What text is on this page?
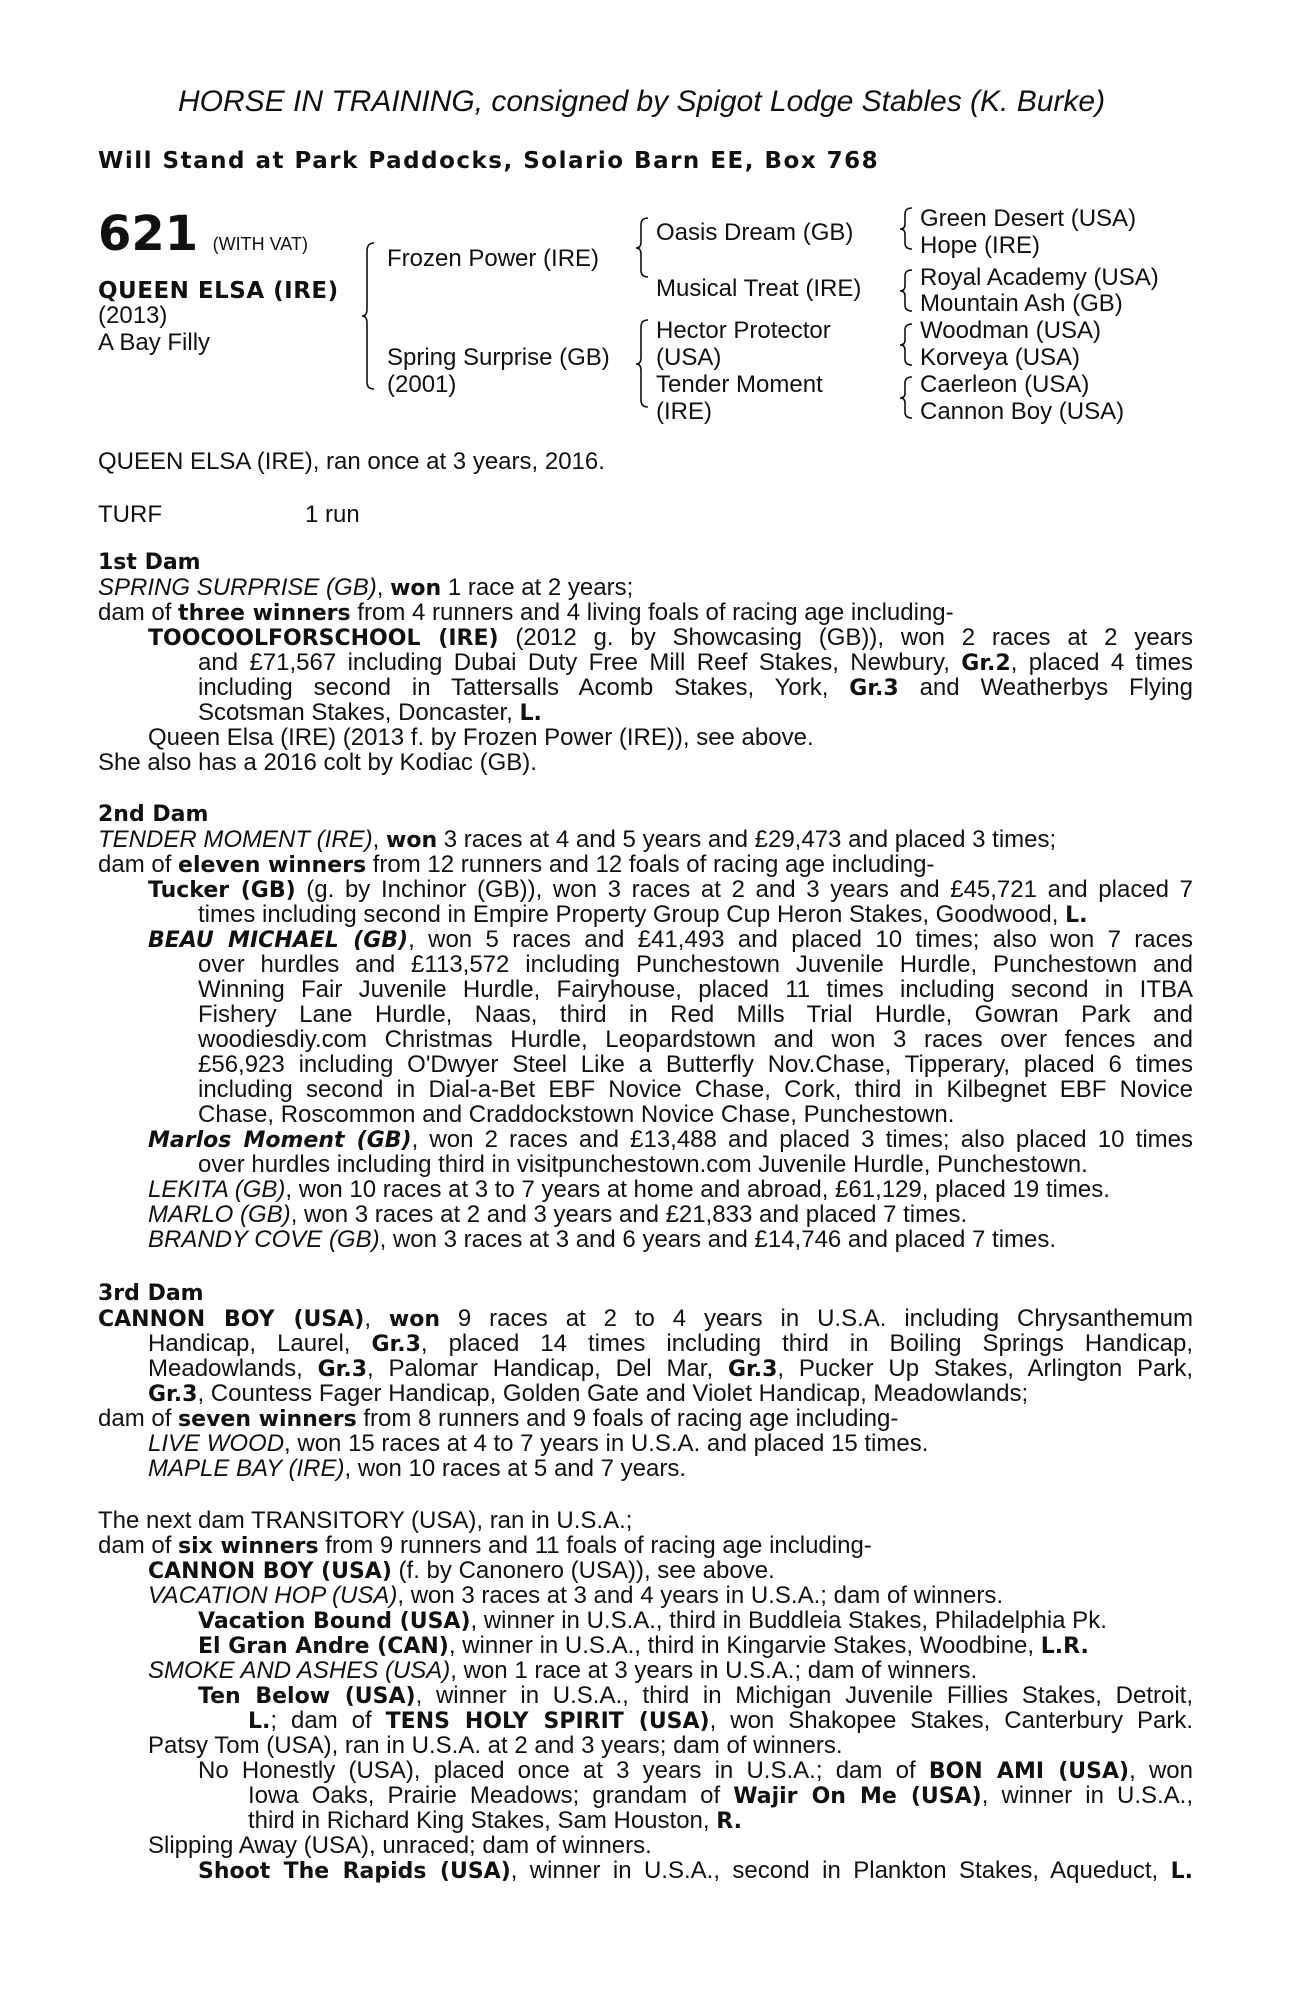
HORSE IN TRAINING, consigned by Spigot Lodge Stables (K. Burke)
Will Stand at Park Paddocks, Solario Barn EE, Box 768
621 (WITH VAT)
QUEEN ELSA (IRE)
(2013)
A Bay Filly
Frozen Power (IRE)
Spring Surprise (GB)
(2001)
Oasis Dream (GB)
Musical Treat (IRE)
Hector Protector
(USA)
Tender Moment
(IRE)
Green Desert (USA)
Hope (IRE)
Royal Academy (USA)
Mountain Ash (GB)
Woodman (USA)
Korveya (USA)
Caerleon (USA)
Cannon Boy (USA)
QUEEN ELSA (IRE), ran once at 3 years, 2016.
TURF	1 run
1st Dam
SPRING SURPRISE (GB), won 1 race at 2 years;
dam of three winners from 4 runners and 4 living foals of racing age including-
TOOCOOLFORSCHOOL (IRE) (2012 g. by Showcasing (GB)), won 2 races at 2 years
and £71,567 including Dubai Duty Free Mill Reef Stakes, Newbury, Gr.2, placed 4 times
including second in Tattersalls Acomb Stakes, York, Gr.3 and Weatherbys Flying
Scotsman Stakes, Doncaster, L.
Queen Elsa (IRE) (2013 f. by Frozen Power (IRE)), see above.
She also has a 2016 colt by Kodiac (GB).
2nd Dam
TENDER MOMENT (IRE), won 3 races at 4 and 5 years and £29,473 and placed 3 times;
dam of eleven winners from 12 runners and 12 foals of racing age including-
Tucker (GB) (g. by Inchinor (GB)), won 3 races at 2 and 3 years and £45,721 and placed 7
times including second in Empire Property Group Cup Heron Stakes, Goodwood, L.
BEAU MICHAEL (GB), won 5 races and £41,493 and placed 10 times; also won 7 races
over hurdles and £113,572 including Punchestown Juvenile Hurdle, Punchestown and
Winning Fair Juvenile Hurdle, Fairyhouse, placed 11 times including second in ITBA
Fishery Lane Hurdle, Naas, third in Red Mills Trial Hurdle, Gowran Park and
woodiesdiy.com Christmas Hurdle, Leopardstown and won 3 races over fences and
£56,923 including O'Dwyer Steel Like a Butterfly Nov.Chase, Tipperary, placed 6 times
including second in Dial-a-Bet EBF Novice Chase, Cork, third in Kilbegnet EBF Novice
Chase, Roscommon and Craddockstown Novice Chase, Punchestown.
Marlos Moment (GB), won 2 races and £13,488 and placed 3 times; also placed 10 times
over hurdles including third in visitpunchestown.com Juvenile Hurdle, Punchestown.
LEKITA (GB), won 10 races at 3 to 7 years at home and abroad, £61,129, placed 19 times.
MARLO (GB), won 3 races at 2 and 3 years and £21,833 and placed 7 times.
BRANDY COVE (GB), won 3 races at 3 and 6 years and £14,746 and placed 7 times.
3rd Dam
CANNON BOY (USA), won 9 races at 2 to 4 years in U.S.A. including Chrysanthemum
Handicap, Laurel, Gr.3, placed 14 times including third in Boiling Springs Handicap,
Meadowlands, Gr.3, Palomar Handicap, Del Mar, Gr.3, Pucker Up Stakes, Arlington Park,
Gr.3, Countess Fager Handicap, Golden Gate and Violet Handicap, Meadowlands;
dam of seven winners from 8 runners and 9 foals of racing age including-
LIVE WOOD, won 15 races at 4 to 7 years in U.S.A. and placed 15 times.
MAPLE BAY (IRE), won 10 races at 5 and 7 years.
The next dam TRANSITORY (USA), ran in U.S.A.;
dam of six winners from 9 runners and 11 foals of racing age including-
CANNON BOY (USA) (f. by Canonero (USA)), see above.
VACATION HOP (USA), won 3 races at 3 and 4 years in U.S.A.; dam of winners.
Vacation Bound (USA), winner in U.S.A., third in Buddleia Stakes, Philadelphia Pk.
El Gran Andre (CAN), winner in U.S.A., third in Kingarvie Stakes, Woodbine, L.R.
SMOKE AND ASHES (USA), won 1 race at 3 years in U.S.A.; dam of winners.
Ten Below (USA), winner in U.S.A., third in Michigan Juvenile Fillies Stakes, Detroit,
L.; dam of TENS HOLY SPIRIT (USA), won Shakopee Stakes, Canterbury Park.
Patsy Tom (USA), ran in U.S.A. at 2 and 3 years; dam of winners.
No Honestly (USA), placed once at 3 years in U.S.A.; dam of BON AMI (USA), won
Iowa Oaks, Prairie Meadows; grandam of Wajir On Me (USA), winner in U.S.A.,
third in Richard King Stakes, Sam Houston, R.
Slipping Away (USA), unraced; dam of winners.
Shoot The Rapids (USA), winner in U.S.A., second in Plankton Stakes, Aqueduct, L.
